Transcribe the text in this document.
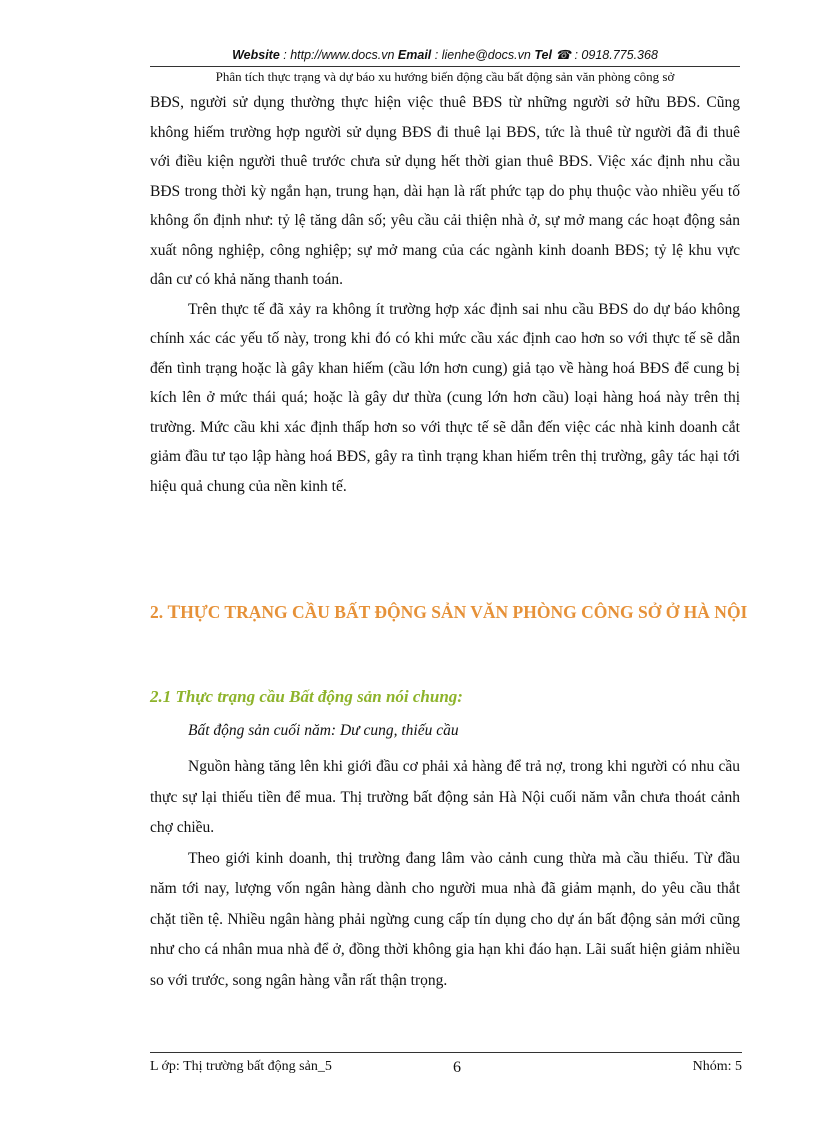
Website : http://www.docs.vn Email : lienhe@docs.vn Tel ☎ : 0918.775.368
Phân tích thực trạng và dự báo xu hướng biến động cầu bất động sản văn phòng công sở

BĐS, người sử dụng thường thực hiện việc thuê BĐS từ những người sở hữu BĐS. Cũng không hiếm trường hợp người sử dụng BĐS đi thuê lại BĐS, tức là thuê từ người đã đi thuê với điều kiện người thuê trước chưa sử dụng hết thời gian thuê BĐS. Việc xác định nhu cầu BĐS trong thời kỳ ngắn hạn, trung hạn, dài hạn là rất phức tạp do phụ thuộc vào nhiều yếu tố không ổn định như: tỷ lệ tăng dân số; yêu cầu cải thiện nhà ở, sự mở mang các hoạt động sản xuất nông nghiệp, công nghiệp; sự mở mang của các ngành kinh doanh BĐS; tỷ lệ khu vực dân cư có khả năng thanh toán.

Trên thực tế đã xảy ra không ít trường hợp xác định sai nhu cầu BĐS do dự báo không chính xác các yếu tố này, trong khi đó có khi mức cầu xác định cao hơn so với thực tế sẽ dẫn đến tình trạng hoặc là gây khan hiếm (cầu lớn hơn cung) giả tạo về hàng hoá BĐS để cung bị kích lên ở mức thái quá; hoặc là gây dư thừa (cung lớn hơn cầu) loại hàng hoá này trên thị trường. Mức cầu khi xác định thấp hơn so với thực tế sẽ dẫn đến việc các nhà kinh doanh cắt giảm đầu tư tạo lập hàng hoá BĐS, gây ra tình trạng khan hiếm trên thị trường, gây tác hại tới hiệu quả chung của nền kinh tế.

2. THỰC TRẠNG CẦU BẤT ĐỘNG SẢN VĂN PHÒNG CÔNG SỞ Ở HÀ NỘI
2.1 Thực trạng cầu Bất động sản nói chung:

Bất động sản cuối năm: Dư cung, thiếu cầu

Nguồn hàng tăng lên khi giới đầu cơ phải xả hàng để trả nợ, trong khi người có nhu cầu thực sự lại thiếu tiền để mua. Thị trường bất động sản Hà Nội cuối năm vẫn chưa thoát cảnh chợ chiều.

Theo giới kinh doanh, thị trường đang lâm vào cảnh cung thừa mà cầu thiếu. Từ đầu năm tới nay, lượng vốn ngân hàng dành cho người mua nhà đã giảm mạnh, do yêu cầu thắt chặt tiền tệ. Nhiều ngân hàng phải ngừng cung cấp tín dụng cho dự án bất động sản mới cũng như cho cá nhân mua nhà để ở, đồng thời không gia hạn khi đáo hạn. Lãi suất hiện giảm nhiều so với trước, song ngân hàng vẫn rất thận trọng.

L ớp: Thị trường bất động sản_5	6	Nhóm: 5
